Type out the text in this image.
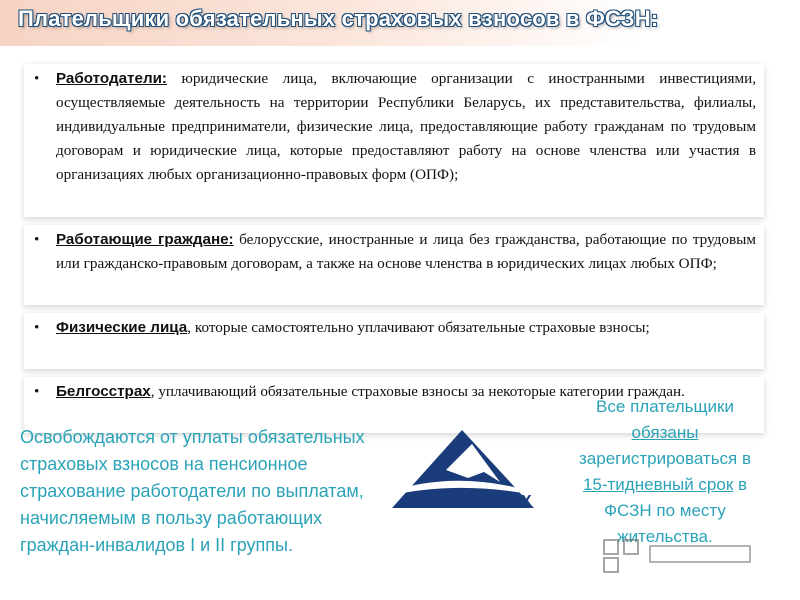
Плательщики обязательных страховых взносов в ФСЗН:
• Работодатели: юридические лица, включающие организации с иностранными инвестициями, осуществляемые деятельность на территории Республики Беларусь, их представительства, филиалы, индивидуальные предприниматели, физические лица, предоставляющие работу гражданам по трудовым договорам и юридические лица, которые предоставляют работу на основе членства или участия в организациях любых организационно-правовых форм (ОПФ);
• Работающие граждане: белорусские, иностранные и лица без гражданства, работающие по трудовым или гражданско-правовым договорам, а также на основе членства в юридических лицах любых ОПФ;
• Физические лица, которые самостоятельно уплачивают обязательные страховые взносы;
• Белгосстрах, уплачивающий обязательные страховые взносы за некоторые категории граждан.
Освобождаются от уплаты обязательных страховых взносов на пенсионное страхование работодатели по выплатам, начисляемым в пользу работающих граждан-инвалидов I и II группы.
БЕЛГОССТРАХ
Все плательщики
обязаны
зарегистрироваться в
15-тидневный срок в
ФСЗН по месту жительства.
